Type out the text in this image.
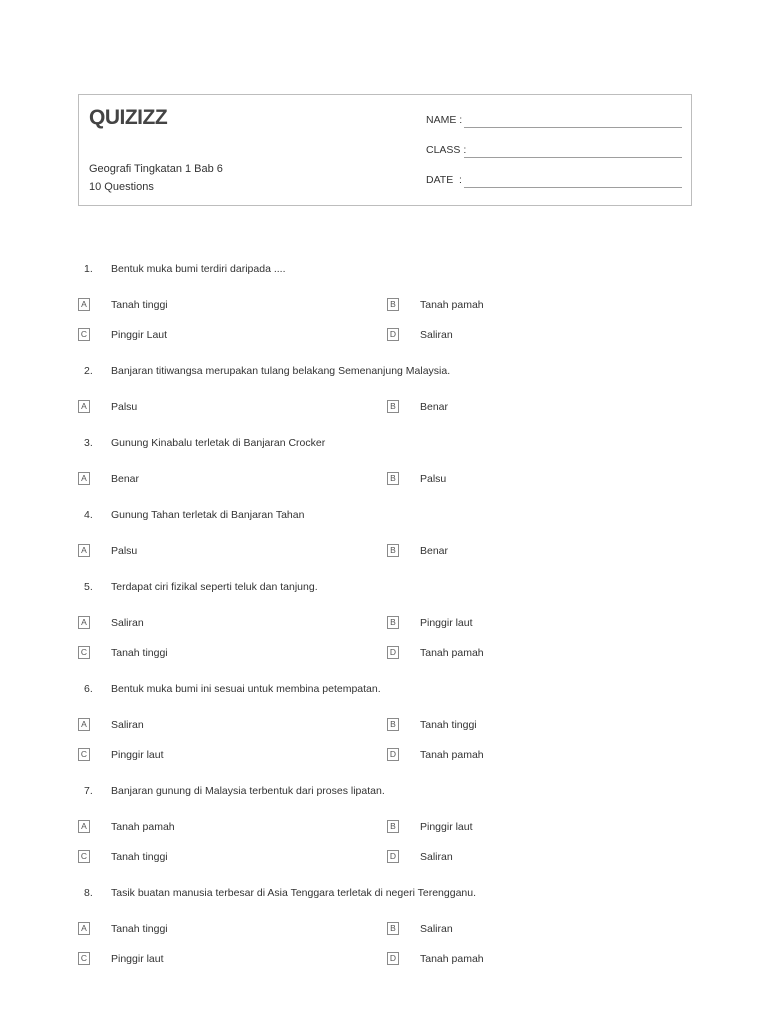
QUIZIZZ
Geografi Tingkatan 1 Bab 6
10 Questions
NAME :
CLASS :
DATE  :
1. Bentuk muka bumi terdiri daripada ....
A	Tanah tinggi	B	Tanah pamah
C Pinggir Laut	D Saliran
2. Banjaran titiwangsa merupakan tulang belakang Semenanjung Malaysia.
A	Palsu	B	Benar
3. Gunung Kinabalu terletak di Banjaran Crocker
A	Benar	B	Palsu
4. Gunung Tahan terletak di Banjaran Tahan
A	Palsu	B	Benar
5. Terdapat ciri fizikal seperti teluk dan tanjung.
A	Saliran	B	Pinggir laut
C Tanah tinggi	D Tanah pamah
6. Bentuk muka bumi ini sesuai untuk membina petempatan.
A	Saliran	B	Tanah tinggi
C Pinggir laut	D Tanah pamah
7. Banjaran gunung di Malaysia terbentuk dari proses lipatan.
A	Tanah pamah	B	Pinggir laut
C Tanah tinggi	D Saliran
8. Tasik buatan manusia terbesar di Asia Tenggara terletak di negeri Terengganu.
A	Tanah tinggi	B	Saliran
C Pinggir laut	D Tanah pamah
